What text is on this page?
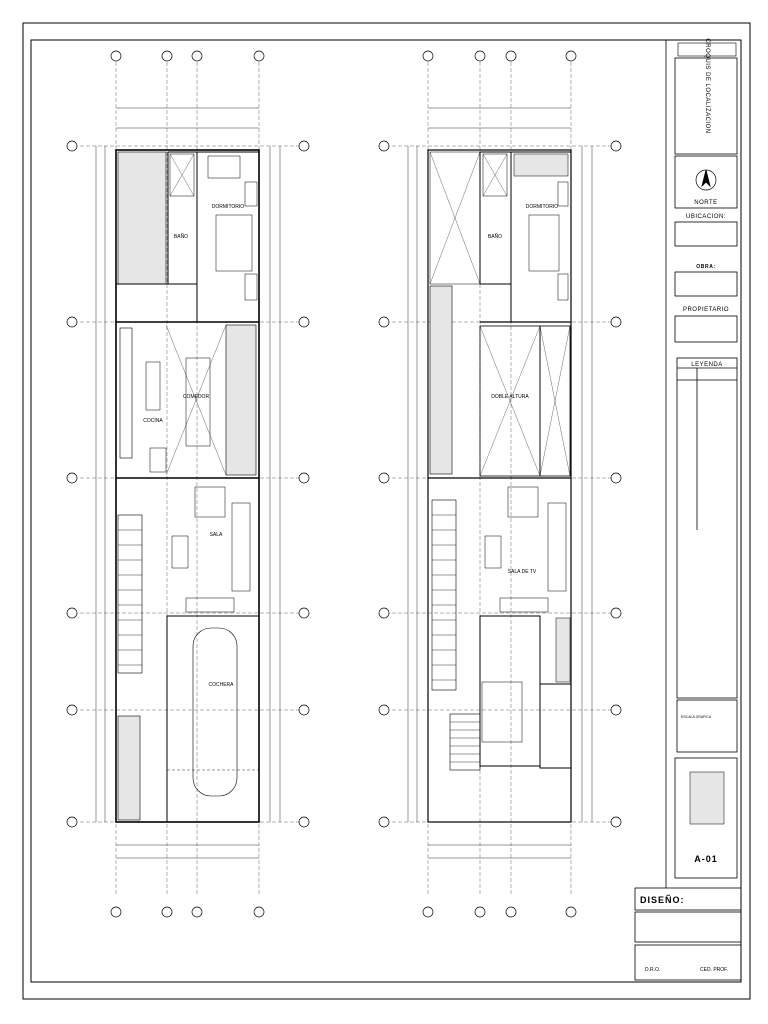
BAÑO
DORMITORIO
COCINA
COMEDOR
SALA
COCHERA
BAÑO
DORMITORIO
DOBLE ALTURA
SALA DE TV
CROQUIS DE LOCALIZACION
NORTE
UBICACION:
OBRA:
PROPIETARIO
LEYENDA
ESCALA GRAFICA
A-01
DISEÑO:
D.R.O.	CED. PROF.
